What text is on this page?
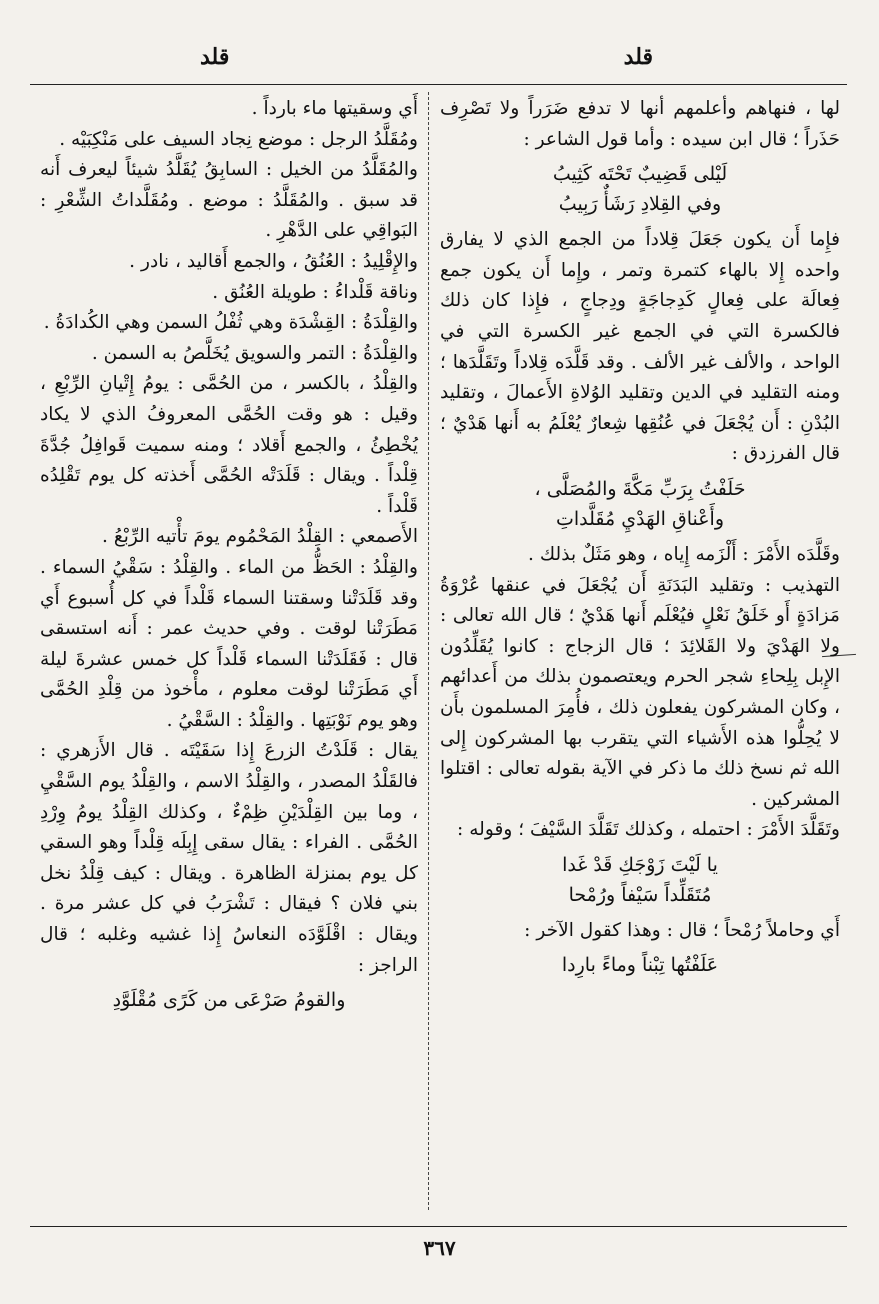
قلد
قلد

لها ، فنهاهم وأعلمهم أنها لا تدفع ضَرَراً ولا تَصْرِف حَذَراً ؛ قال ابن سيده : وأما قول الشاعر :

لَيْلى قَضِيبٌ تَحْتَه كَثِيبُ
وفي القِلادِ رَشَأٌ رَبِيبُ

فإِما أَن يكون جَعَلَ قِلاداً من الجمع الذي لا يفارق واحده إِلا بالهاء كتمرة وتمر ، وإِما أَن يكون جمع فِعالَة على فِعالٍ كَدِجاجَةٍ ودِجاجٍ ، فإِذا كان ذلك فالكسرة التي في الجمع غير الكسرة التي في الواحد ، والألف غير الألف . وقد قَلَّدَه قِلاداً وتَقَلَّدَها ؛ ومنه التقليد في الدين وتقليد الوُلاةِ الأَعمالَ ، وتقليد البُدْنِ : أَن يُجْعَلَ في عُنُقِها شِعارٌ يُعْلَمُ به أَنها هَدْيٌ ؛ قال الفرزدق :

حَلَفْتُ بِرَبِّ مَكَّةَ والمُصَلَّى ،
وأَعْناقِ الهَدْيِ مُقَلَّداتِ

وقَلَّدَه الأَمْرَ : أَلْزَمه إِياه ، وهو مَثَلٌ بذلك .

التهذيب : وتقليد البَدَنَةِ أَن يُجْعَلَ في عنقها عُرْوَةُ مَزادَةٍ أَو خَلَقُ نَعْلٍ فيُعْلَم أَنها هَدْيٌ ؛ قال الله تعالى : ولا الهَدْيَ ولا القَلائِدَ ؛ قال الزجاج : كانوا يُقَلِّدُون الإِبل بِلِحاءِ شجر الحرم ويعتصمون بذلك من أَعدائهم ، وكان المشركون يفعلون ذلك ، فأُمِرَ المسلمون بأَن لا يُحِلُّوا هذه الأَشياء التي يتقرب بها المشركون إِلى الله ثم نسخ ذلك ما ذكر في الآية بقوله تعالى : اقتلوا المشركين .

وتَقَلَّدَ الأَمْرَ : احتمله ، وكذلك تَقَلَّدَ السَّيْفَ ؛ وقوله :

يا لَيْتَ زَوْجَكِ قَدْ غَدا
مُتَقَلِّداً سَيْفاً ورُمْحا

أَي وحاملاً رُمْحاً ؛ قال : وهذا كقول الآخر :

عَلَفْتُها تِبْناً وماءً بارِدا

أَي وسقيتها ماء بارداً .

ومُقَلَّدُ الرجل : موضع نِجاد السيف على مَنْكِبَيْه .

والمُقَلَّدُ من الخيل : السابِقُ يُقَلَّدُ شيئاً ليعرف أَنه قد سبق . والمُقَلَّدُ : موضع . ومُقَلَّداتُ الشِّعْرِ : البَواقِي على الدَّهْرِ .

والإِقْلِيدُ : العُنُقُ ، والجمع أَقاليد ، نادر .

وناقة قَلْداءُ : طويلة العُنُق .

والقِلْدَةُ : القِشْدَة وهي ثُفْلُ السمن وهي الكُدادَةُ .

والقِلْدَةُ : التمر والسويق يُخَلَّصُ به السمن .

والقِلْدُ ، بالكسر ، من الحُمَّى : يومُ إِتْيانِ الرِّبْعِ ، وقيل : هو وقت الحُمَّى المعروفُ الذي لا يكاد يُخْطِئُ ، والجمع أَقلاد ؛ ومنه سميت قَوافِلُ جُدَّةَ قِلْداً . ويقال : قَلَدَتْه الحُمَّى أَخذته كل يوم تَقْلِدُه قَلْداً .

الأَصمعي : القِلْدُ المَحْمُوم يومَ تأْتيه الرِّبْعُ .

والقِلْدُ : الحَظُّ من الماء . والقِلْدُ : سَقْيُ السماء . وقد قَلَدَتْنا وسقتنا السماء قَلْداً في كل أُسبوع أَي مَطَرَتْنا لوقت . وفي حديث عمر : أَنه استسقى قال : فَقَلَدَتْنا السماء قَلْداً كل خمس عشرةَ ليلة أَي مَطَرَتْنا لوقت معلوم ، مأْخوذ من قِلْدِ الحُمَّى وهو يوم نَوْبَتِها . والقِلْدُ : السَّقْيُ .

يقال : قَلَدْتُ الزرعَ إِذا سَقَيْتَه . قال الأَزهري : فالقَلْدُ المصدر ، والقِلْدُ الاسم ، والقِلْدُ يوم السَّقْيِ ، وما بين القِلْدَيْنِ ظِمْءٌ ، وكذلك القِلْدُ يومُ وِرْدِ الحُمَّى . الفراء : يقال سقى إِبِلَه قِلْداً وهو السقي كل يوم بمنزلة الظاهرة . ويقال : كيف قِلْدُ نخل بني فلان ؟ فيقال : تَشْرَبُ في كل عشر مرة . ويقال : اقْلَوَّدَه النعاسُ إِذا غشيه وغلبه ؛ قال الراجز :

والقومُ صَرْعَى من كَرًى مُقْلَوَّدِ
٣٦٧
